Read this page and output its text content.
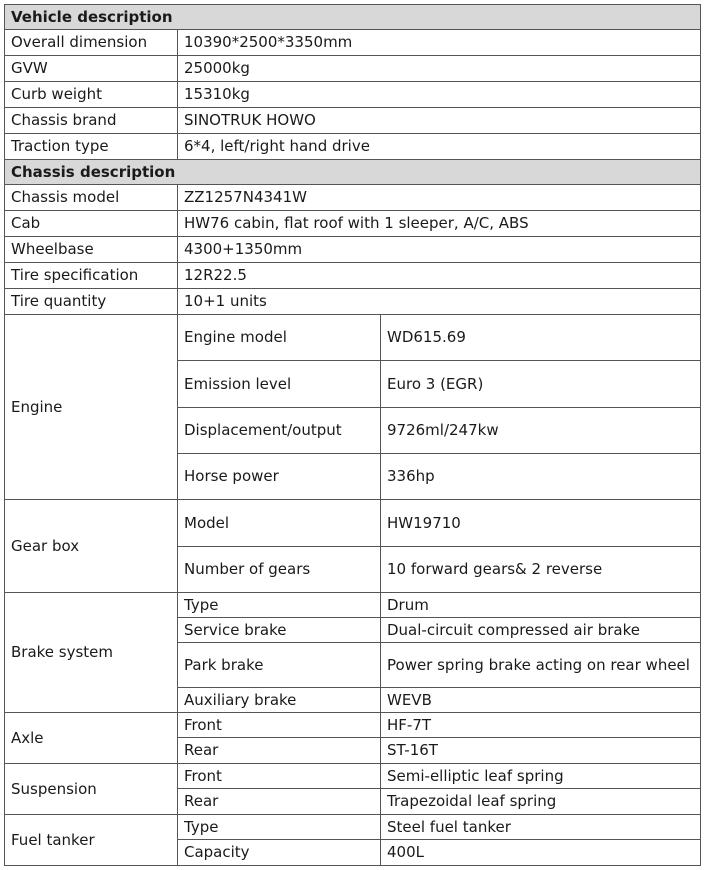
Vehicle description		
Overall dimension	10390*2500*3350mm	
GVW	25000kg	
Curb weight	15310kg	
Chassis brand	SINOTRUK HOWO	
Traction type	6*4, left/right hand drive	
Chassis description		
Chassis model	ZZ1257N4341W	
Cab	HW76 cabin, flat roof with 1 sleeper, A/C, ABS	
Wheelbase	4300+1350mm	
Tire specification	12R22.5	
Tire quantity	10+1 units	
Engine	Engine model	WD615.69
	Emission level	Euro 3 (EGR)
	Displacement/output	9726ml/247kw
	Horse power	336hp
Gear box	Model	HW19710
	Number of gears	10 forward gears& 2 reverse
Brake system	Type	Drum
	Service brake	Dual-circuit compressed air brake
	Park brake	Power spring brake acting on rear wheel
	Auxiliary brake	WEVB
Axle	Front	HF-7T
	Rear	ST-16T
Suspension	Front	Semi-elliptic leaf spring
	Rear	Trapezoidal leaf spring
Fuel tanker	Type	Steel fuel tanker
	Capacity	400L
